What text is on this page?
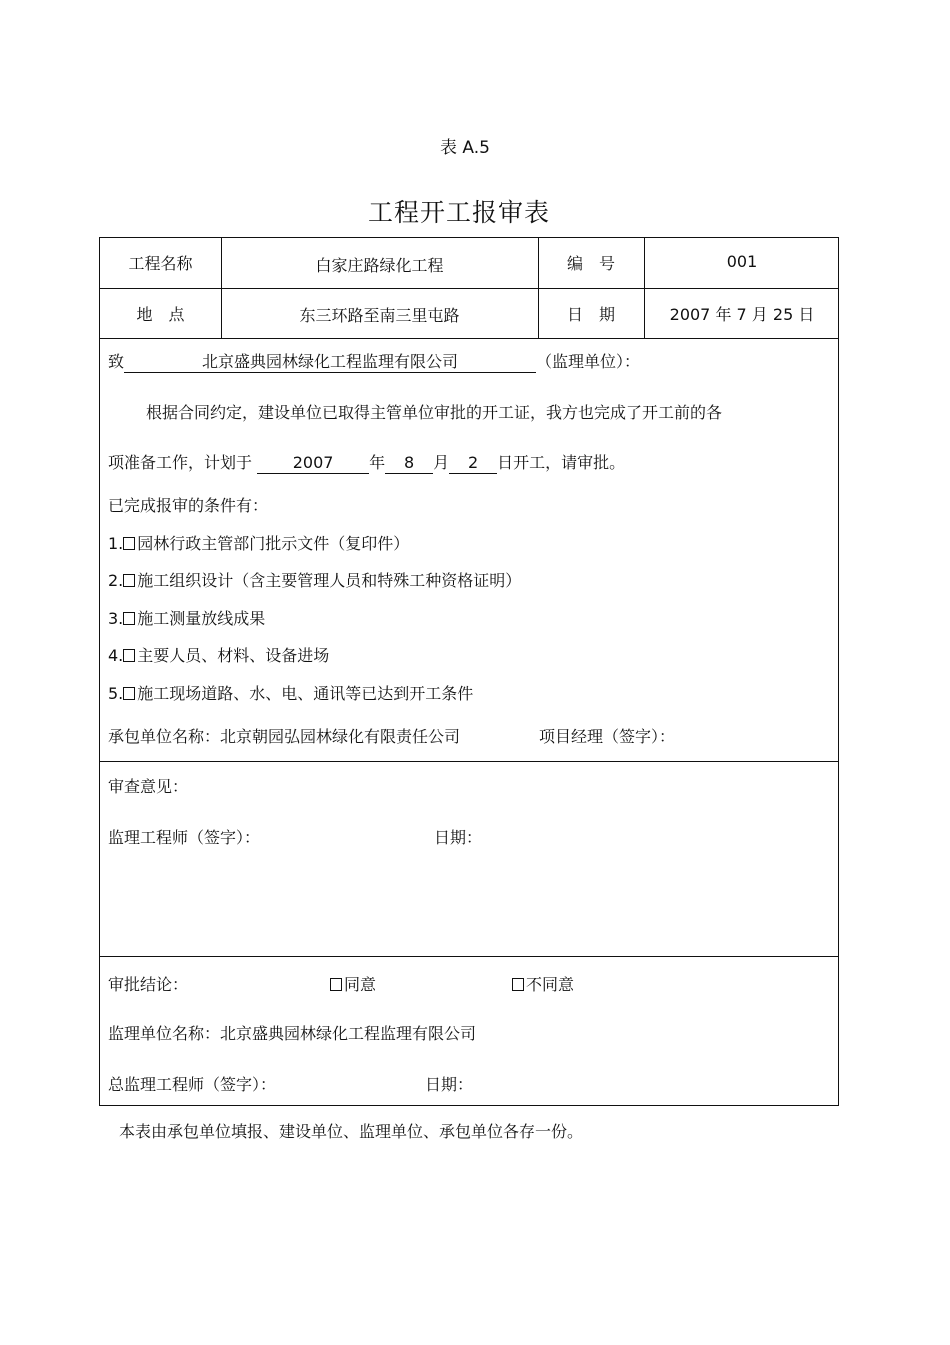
表 A.5
工程开工报审表
工程名称	白家庄路绿化工程	编　号	001
地　点	东三环路至南三里屯路	日　期	2007 年 7 月 25 日
致	北京盛典园林绿化工程监理有限公司	（监理单位）：
根据合同约定，建设单位已取得主管单位审批的开工证，我方也完成了开工前的各
项准备工作，计划于	2007 年 8 月 2 日开工，请审批。
已完成报审的条件有：
1. 园林行政主管部门批示文件（复印件）
2. 施工组织设计（含主要管理人员和特殊工种资格证明）
3. 施工测量放线成果
4. 主要人员、材料、设备进场
5. 施工现场道路、水、电、通讯等已达到开工条件
承包单位名称：北京朝园弘园林绿化有限责任公司	项目经理（签字）：
审查意见：
监理工程师（签字）：	日期：
审批结论：	同意	不同意
监理单位名称：北京盛典园林绿化工程监理有限公司
总监理工程师（签字）：	日期：
本表由承包单位填报、建设单位、监理单位、承包单位各存一份。
